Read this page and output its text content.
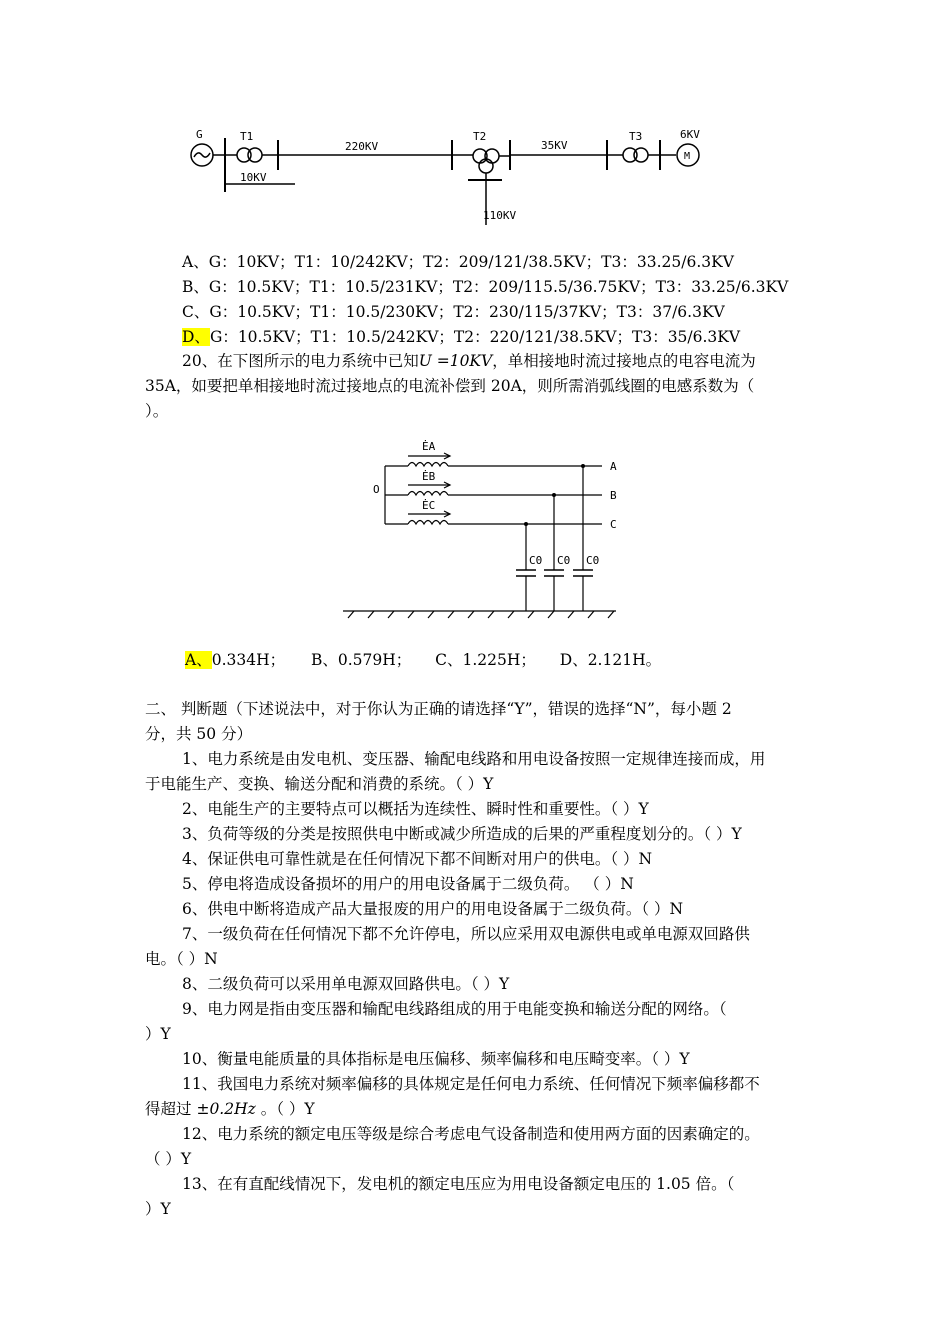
G	T1
220KV
T2
35KV
T3	6KV
M
10KV
110KV
A、G：10KV；T1：10/242KV；T2：209/121/38.5KV；T3：33.25/6.3KV
B、G：10.5KV；T1：10.5/231KV；T2：209/115.5/36.75KV；T3：33.25/6.3KV
C、G：10.5KV；T1：10.5/230KV；T2：230/115/37KV；T3：37/6.3KV
D、G：10.5KV；T1：10.5/242KV；T2：220/121/38.5KV；T3：35/6.3KV
20、在下图所示的电力系统中已知U =10KV，单相接地时流过接地点的电容电流为
35A，如要把单相接地时流过接地点的电流补偿到 20A，则所需消弧线圈的电感系数为（
）。
ĖA
ĖB
ĖC
O
A
B
C
C0 C0 C0
A、0.334H； B、0.579H； C、1.225H； D、2.121H。
二、 判断题（下述说法中，对于你认为正确的请选择“Y”，错误的选择“N”，每小题 2
分，共 50 分）
1、电力系统是由发电机、变压器、输配电线路和用电设备按照一定规律连接而成，用
于电能生产、变换、输送分配和消费的系统。（ ）Y
2、电能生产的主要特点可以概括为连续性、瞬时性和重要性。（ ）Y
3、负荷等级的分类是按照供电中断或减少所造成的后果的严重程度划分的。（ ）Y
4、保证供电可靠性就是在任何情况下都不间断对用户的供电。（ ）N
5、停电将造成设备损坏的用户的用电设备属于二级负荷。 （ ）N
6、供电中断将造成产品大量报废的用户的用电设备属于二级负荷。（ ）N
7、一级负荷在任何情况下都不允许停电，所以应采用双电源供电或单电源双回路供
电。（ ）N
8、二级负荷可以采用单电源双回路供电。（ ）Y
9、电力网是指由变压器和输配电线路组成的用于电能变换和输送分配的网络。（
）Y
10、衡量电能质量的具体指标是电压偏移、频率偏移和电压畸变率。（ ）Y
11、我国电力系统对频率偏移的具体规定是任何电力系统、任何情况下频率偏移都不
得超过 ±0.2Hz 。（ ）Y
12、电力系统的额定电压等级是综合考虑电气设备制造和使用两方面的因素确定的。
（ ）Y
13、在有直配线情况下，发电机的额定电压应为用电设备额定电压的 1.05 倍。（
）Y
